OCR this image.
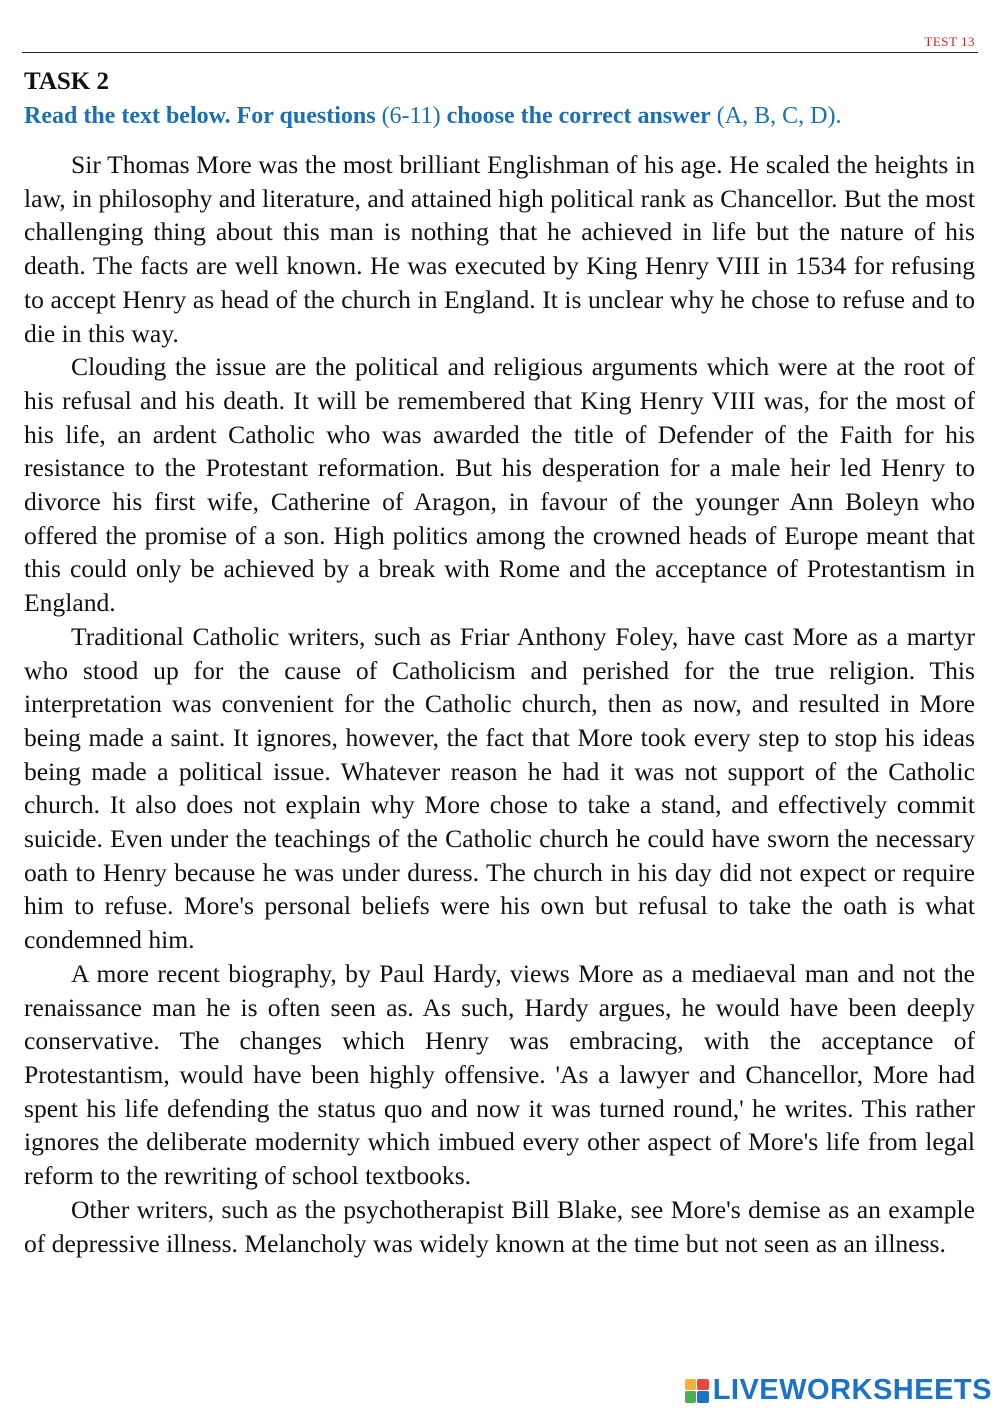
TEST 13
TASK 2
Read the text below. For questions (6-11) choose the correct answer (A, B, C, D).

Sir Thomas More was the most brilliant Englishman of his age. He scaled the heights in law, in philosophy and literature, and attained high political rank as Chancellor. But the most challenging thing about this man is nothing that he achieved in life but the nature of his death. The facts are well known. He was executed by King Henry VIII in 1534 for refusing to accept Henry as head of the church in England. It is unclear why he chose to refuse and to die in this way.

Clouding the issue are the political and religious arguments which were at the root of his refusal and his death. It will be remembered that King Henry VIII was, for the most of his life, an ardent Catholic who was awarded the title of Defender of the Faith for his resistance to the Protestant reformation. But his desperation for a male heir led Henry to divorce his first wife, Catherine of Aragon, in favour of the younger Ann Boleyn who offered the promise of a son. High politics among the crowned heads of Europe meant that this could only be achieved by a break with Rome and the acceptance of Protestantism in England.

Traditional Catholic writers, such as Friar Anthony Foley, have cast More as a martyr who stood up for the cause of Catholicism and perished for the true religion. This interpretation was convenient for the Catholic church, then as now, and resulted in More being made a saint. It ignores, however, the fact that More took every step to stop his ideas being made a political issue. Whatever reason he had it was not support of the Catholic church. It also does not explain why More chose to take a stand, and effectively commit suicide. Even under the teachings of the Catholic church he could have sworn the necessary oath to Henry because he was under duress. The church in his day did not expect or require him to refuse. More's personal beliefs were his own but refusal to take the oath is what condemned him.

A more recent biography, by Paul Hardy, views More as a mediaeval man and not the renaissance man he is often seen as. As such, Hardy argues, he would have been deeply conservative. The changes which Henry was embracing, with the acceptance of Protestantism, would have been highly offensive. 'As a lawyer and Chancellor, More had spent his life defending the status quo and now it was turned round,' he writes. This rather ignores the deliberate modernity which imbued every other aspect of More's life from legal reform to the rewriting of school textbooks.

Other writers, such as the psychotherapist Bill Blake, see More's demise as an example of depressive illness. Melancholy was widely known at the time but not seen as an illness.

LIVEWORKSHEETS
